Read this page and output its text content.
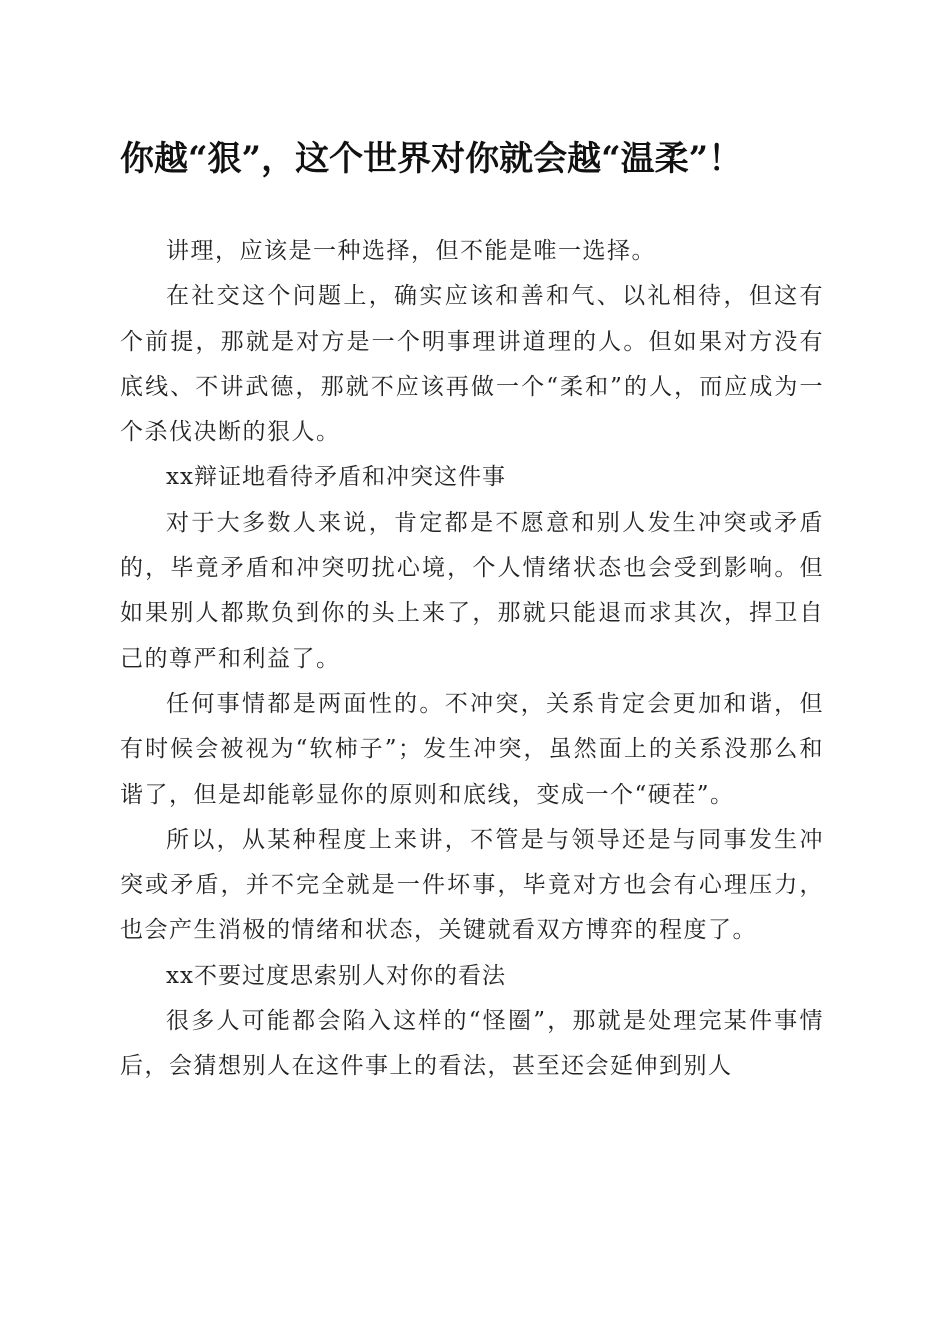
你越“狠”，这个世界对你就会越“温柔”！

讲理，应该是一种选择，但不能是唯一选择。

在社交这个问题上，确实应该和善和气、以礼相待，但这有个前提，那就是对方是一个明事理讲道理的人。但如果对方没有底线、不讲武德，那就不应该再做一个“柔和”的人，而应成为一个杀伐决断的狠人。

xx辩证地看待矛盾和冲突这件事

对于大多数人来说，肯定都是不愿意和别人发生冲突或矛盾的，毕竟矛盾和冲突叨扰心境，个人情绪状态也会受到影响。但如果别人都欺负到你的头上来了，那就只能退而求其次，捍卫自己的尊严和利益了。

任何事情都是两面性的。不冲突，关系肯定会更加和谐，但有时候会被视为“软柿子”；发生冲突，虽然面上的关系没那么和谐了，但是却能彰显你的原则和底线，变成一个“硬茬”。

所以，从某种程度上来讲，不管是与领导还是与同事发生冲突或矛盾，并不完全就是一件坏事，毕竟对方也会有心理压力，也会产生消极的情绪和状态，关键就看双方博弈的程度了。

xx不要过度思索别人对你的看法

很多人可能都会陷入这样的“怪圈”，那就是处理完某件事情后，会猜想别人在这件事上的看法，甚至还会延伸到别人
